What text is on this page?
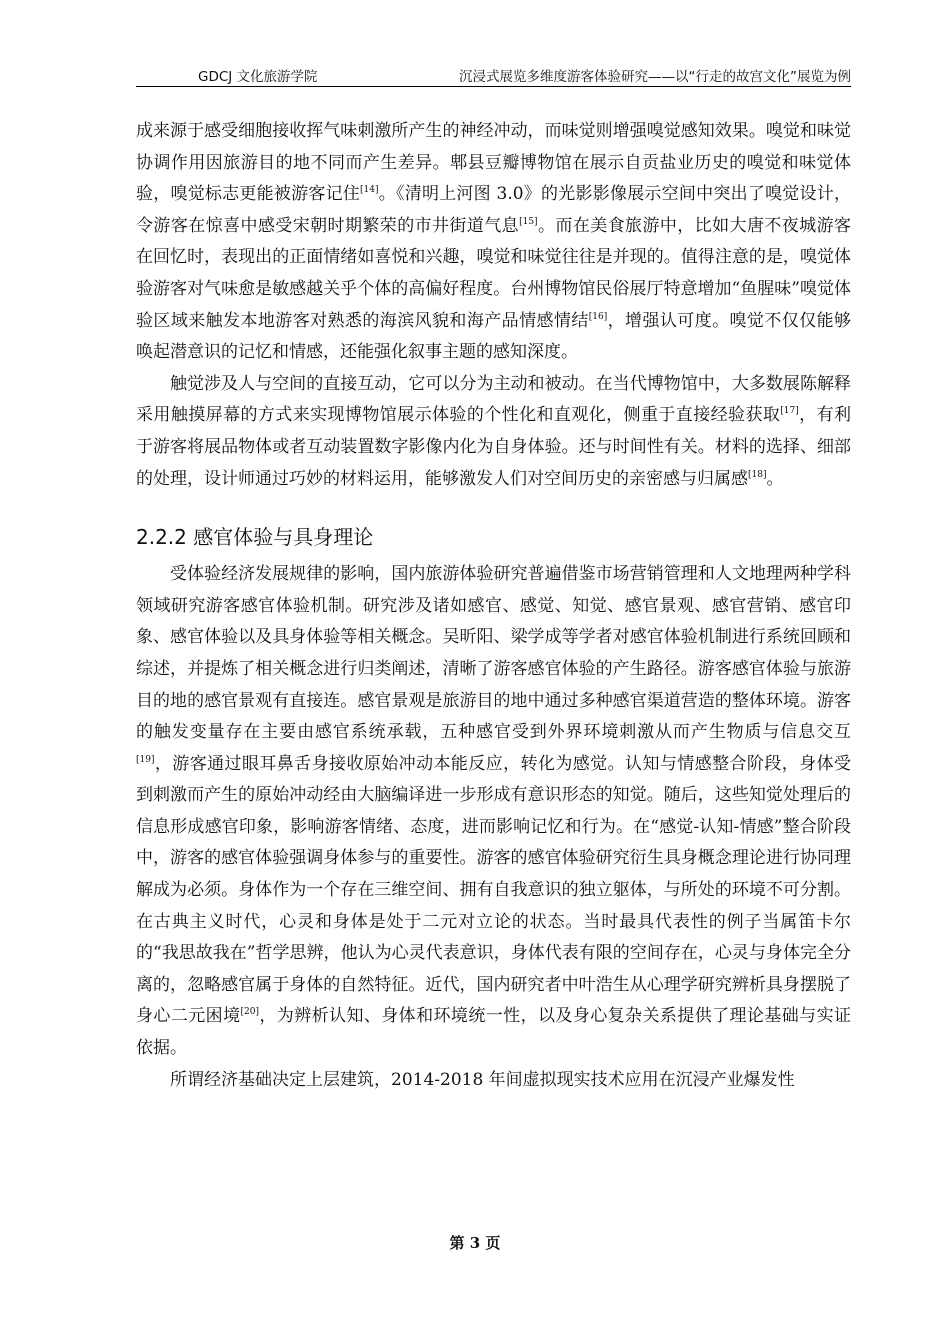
GDCJ 文化旅游学院	沉浸式展览多维度游客体验研究——以“行走的故宫文化”展览为例

成来源于感受细胞接收挥气味刺激所产生的神经冲动，而味觉则增强嗅觉感知效果。嗅觉和味觉协调作用因旅游目的地不同而产生差异。郫县豆瓣博物馆在展示自贡盐业历史的嗅觉和味觉体验，嗅觉标志更能被游客记住[14]。《清明上河图 3.0》的光影影像展示空间中突出了嗅觉设计，令游客在惊喜中感受宋朝时期繁荣的市井街道气息[15]。而在美食旅游中，比如大唐不夜城游客在回忆时，表现出的正面情绪如喜悦和兴趣，嗅觉和味觉往往是并现的。值得注意的是，嗅觉体验游客对气味愈是敏感越关乎个体的高偏好程度。台州博物馆民俗展厅特意增加“鱼腥味”嗅觉体验区域来触发本地游客对熟悉的海滨风貌和海产品情感情结[16]，增强认可度。嗅觉不仅仅能够唤起潜意识的记忆和情感，还能强化叙事主题的感知深度。

触觉涉及人与空间的直接互动，它可以分为主动和被动。在当代博物馆中，大多数展陈解释采用触摸屏幕的方式来实现博物馆展示体验的个性化和直观化，侧重于直接经验获取[17]，有利于游客将展品物体或者互动装置数字影像内化为自身体验。还与时间性有关。材料的选择、细部的处理，设计师通过巧妙的材料运用，能够激发人们对空间历史的亲密感与归属感[18]。

2.2.2 感官体验与具身理论

受体验经济发展规律的影响，国内旅游体验研究普遍借鉴市场营销管理和人文地理两种学科领域研究游客感官体验机制。研究涉及诸如感官、感觉、知觉、感官景观、感官营销、感官印象、感官体验以及具身体验等相关概念。吴昕阳、梁学成等学者对感官体验机制进行系统回顾和综述，并提炼了相关概念进行归类阐述，清晰了游客感官体验的产生路径。游客感官体验与旅游目的地的感官景观有直接连。感官景观是旅游目的地中通过多种感官渠道营造的整体环境。游客的触发变量存在主要由感官系统承载，五种感官受到外界环境刺激从而产生物质与信息交互[19]，游客通过眼耳鼻舌身接收原始冲动本能反应，转化为感觉。认知与情感整合阶段，身体受到刺激而产生的原始冲动经由大脑编译进一步形成有意识形态的知觉。随后，这些知觉处理后的信息形成感官印象，影响游客情绪、态度，进而影响记忆和行为。在“感觉-认知-情感”整合阶段中，游客的感官体验强调身体参与的重要性。游客的感官体验研究衍生具身概念理论进行协同理解成为必须。身体作为一个存在三维空间、拥有自我意识的独立躯体，与所处的环境不可分割。在古典主义时代，心灵和身体是处于二元对立论的状态。当时最具代表性的例子当属笛卡尔的“我思故我在”哲学思辨，他认为心灵代表意识，身体代表有限的空间存在，心灵与身体完全分离的，忽略感官属于身体的自然特征。近代，国内研究者中叶浩生从心理学研究辨析具身摆脱了身心二元困境[20]，为辨析认知、身体和环境统一性，以及身心复杂关系提供了理论基础与实证依据。

所谓经济基础决定上层建筑，2014-2018 年间虚拟现实技术应用在沉浸产业爆发性

第 3 页
